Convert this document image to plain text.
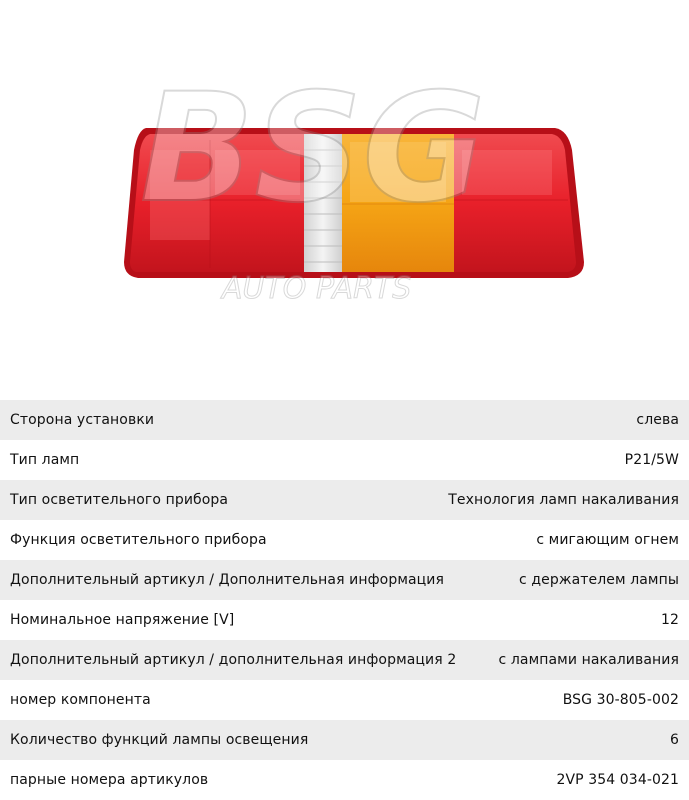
BSG
AUTO PARTS
Сторона установки	слева
Тип ламп	P21/5W
Тип осветительного прибора	Технология ламп накаливания
Функция осветительного прибора	с мигающим огнем
Дополнительный артикул / Дополнительная информация	с держателем лампы
Номинальное напряжение [V]	12
Дополнительный артикул / дополнительная информация 2	с лампами накаливания
номер компонента	BSG 30-805-002
Количество функций лампы освещения	6
парные номера артикулов	2VP 354 034-021
